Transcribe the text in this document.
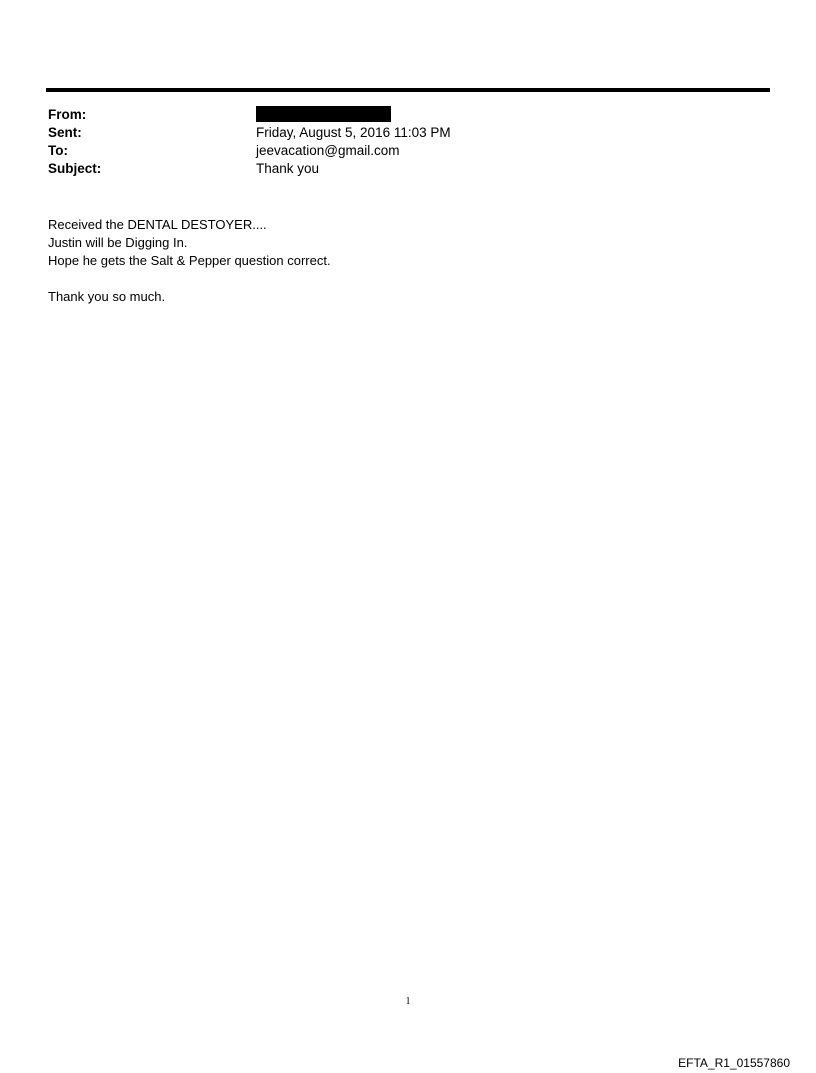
From:
Sent:	Friday, August 5, 2016 11:03 PM
To:	jeevacation@gmail.com
Subject:	Thank you
Received the DENTAL DESTOYER....
Justin will be Digging In.
Hope he gets the Salt & Pepper question correct.
Thank you so much.
1
EFTA_R1_01557860
